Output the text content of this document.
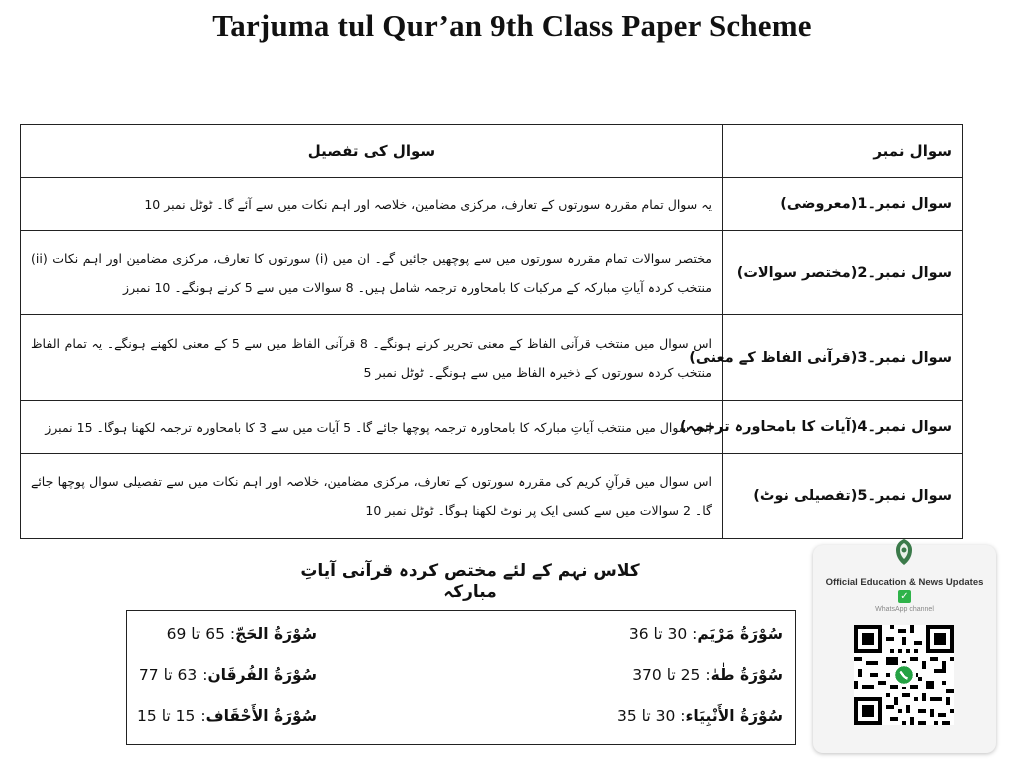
Tarjuma tul Qur’an 9th Class Paper Scheme
سوال کی تفصیل	سوال نمبر
یہ سوال تمام مقررہ سورتوں کے تعارف، مرکزی مضامین، خلاصہ اور اہم نکات میں سے آئے گا۔ ٹوٹل نمبر 10	سوال نمبر۔1(معروضی)
مختصر سوالات تمام مقررہ سورتوں میں سے پوچھیں جائیں گے۔ ان میں (i) سورتوں کا تعارف، مرکزی مضامین اور اہم نکات (ii) منتخب کردہ آیاتِ مبارکہ کے مرکبات کا بامحاورہ ترجمہ شامل ہیں۔ 8 سوالات میں سے 5 کرنے ہونگے۔ 10 نمبرز	سوال نمبر۔2(مختصر سوالات)
اس سوال میں منتخب قرآنی الفاظ کے معنی تحریر کرنے ہونگے۔ 8 قرآنی الفاظ میں سے 5 کے معنی لکھنے ہونگے۔ یہ تمام الفاظ منتخب کردہ سورتوں کے ذخیرہ الفاظ میں سے ہونگے۔ ٹوٹل نمبر 5	سوال نمبر۔3(قرآنی الفاظ کے معنی)
اس سوال میں منتخب آیاتِ مبارکہ کا بامحاورہ ترجمہ پوچھا جائے گا۔ 5 آیات میں سے 3 کا بامحاورہ ترجمہ لکھنا ہوگا۔ 15 نمبرز	سوال نمبر۔4(آیات کا بامحاورہ ترجمہ)
اس سوال میں قرآنِ کریم کی مقررہ سورتوں کے تعارف، مرکزی مضامین، خلاصہ اور اہم نکات میں سے تفصیلی سوال پوچھا جائے گا۔ 2 سوالات میں سے کسی ایک پر نوٹ لکھنا ہوگا۔ ٹوٹل نمبر 10	سوال نمبر۔5(تفصیلی نوٹ)
کلاس نہم کے لئے مختص کردہ قرآنی آیاتِ مبارکہ
سُوْرَةُ الحَجّ: 65 تا 69	سُوْرَةُ مَرْيَم: 30 تا 36
سُوْرَةُ الفُرقَان: 63 تا 77	سُوْرَةُ طٰهٰ: 25 تا 370
سُوْرَةُ الأَحْقَاف: 15 تا 15	سُوْرَةُ الأَنْبِيَاء: 30 تا 35
Official Education & News Updates
✓
WhatsApp channel
